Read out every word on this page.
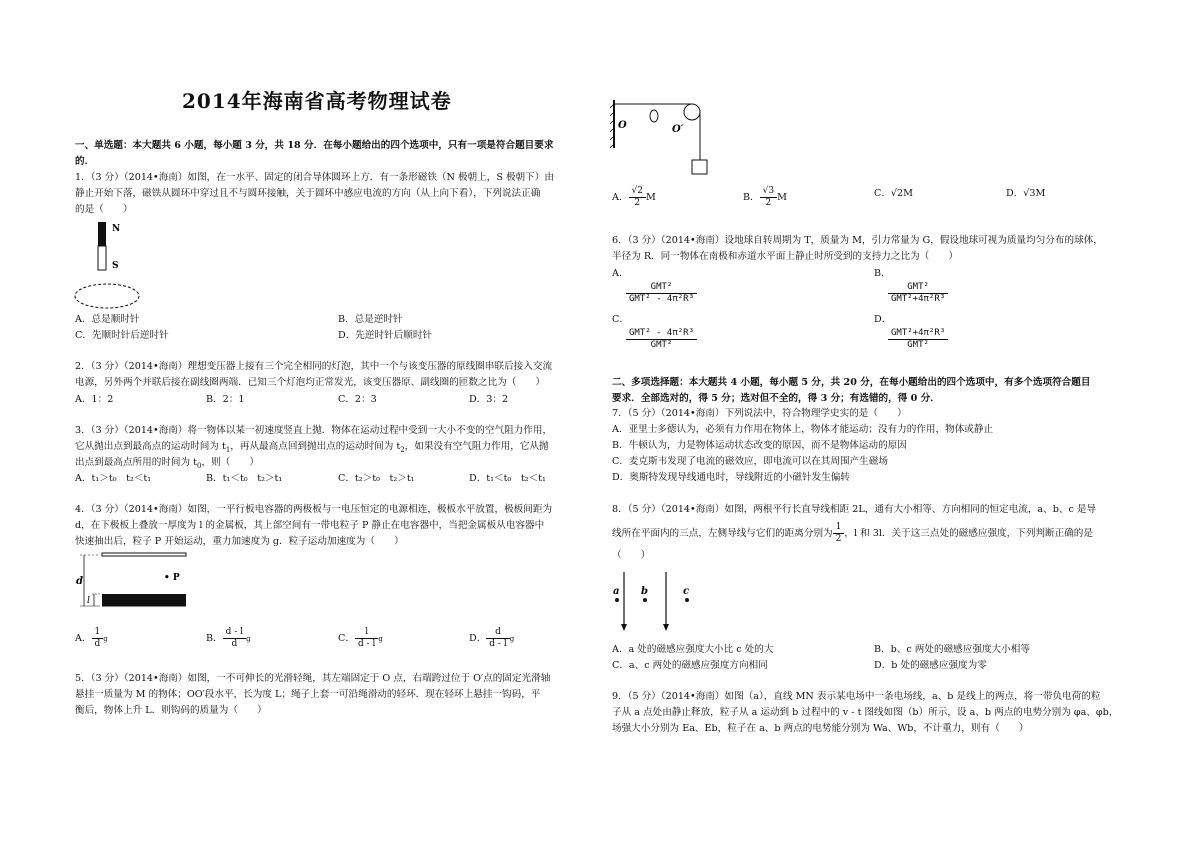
2014年海南省高考物理试卷
一、单选题：本大题共 6 小题，每小题 3 分，共 18 分．在每小题给出的四个选项中，只有一项是符合题目要求
的．
1．（3 分）（2014•海南）如图，在一水平、固定的闭合导体圆环上方．有一条形磁铁（N 极朝上，S 极朝下）由
静止开始下落，磁铁从圆环中穿过且不与圆环接触，关于圆环中感应电流的方向（从上向下看），下列说法正确
的是（　　）
N
S
A．总是顺时针	B．总是逆时针
C．先顺时针后逆时针	D．先逆时针后顺时针
2．（3 分）（2014•海南）理想变压器上接有三个完全相同的灯泡，其中一个与该变压器的原线圈串联后接入交流
电源，另外两个并联后接在副线圈两端．已知三个灯泡均正常发光，该变压器原、副线圈的匝数之比为（　　）
A．1：2	B．2：1	C．2：3	D．3：2
3．（3 分）（2014•海南）将一物体以某一初速度竖直上抛．物体在运动过程中受到一大小不变的空气阻力作用，
它从抛出点到最高点的运动时间为 $t_1$，再从最高点回到抛出点的运动时间为 $t_2$，如果没有空气阻力作用，它从抛
出点到最高点所用的时间为 $t_0$，则（　　）
A．t₁＞t₀　t₂＜t₁	B．t₁＜t₀　t₂＞t₁	C．t₂＞t₀　t₂＞t₁	D．t₁＜t₀　t₂＜t₁
4．（3 分）（2014•海南）如图，一平行板电容器的两极板与一电压恒定的电源相连，极板水平放置，极板间距为
d，在下极板上叠放一厚度为 l 的金属板，其上部空间有一带电粒子 P 静止在电容器中，当把金属板从电容器中
快速抽出后，粒子 P 开始运动，重力加速度为 g．粒子运动加速度为（　　）
• P
d
l
A． $\frac{1}{d}$ g	B． $\frac{d - l}{d}$ g	C． $\frac{l}{d - l}$ g	D． $\frac{d}{d - l}$ g
5．（3 分）（2014•海南）如图，一不可伸长的光滑轻绳，其左端固定于 O 点，右端跨过位于 O′点的固定光滑轴
悬挂一质量为 M 的物体；OO′段水平，长为度 L；绳子上套一可沿绳滑动的轻环．现在轻环上悬挂一钩码，平
衡后，物体上升 L．则钩码的质量为（　　）
O	O′
A． $\frac{√2}{2}$ M	B． $\frac{√3}{2}$ M	C．√2M	D．√3M
6．（3 分）（2014•海南）设地球自转周期为 T，质量为 M，引力常量为 G，假设地球可视为质量均匀分布的球体，
半径为 R．同一物体在南极和赤道水平面上静止时所受到的支持力之比为（　　）
A．

$\frac{\text{GMT²}}{\text{GMT² - 4π²R³}}$
B．

$\frac{\text{GMT²}}{\text{GMT²+4π²R³}}$
C．

$\frac{\text{GMT² - 4π²R³}}{\text{GMT²}}$
D．

$\frac{\text{GMT²+4π²R³}}{\text{GMT²}}$
二、多项选择题：本大题共 4 小题，每小题 5 分，共 20 分，在每小题给出的四个选项中，有多个选项符合题目
要求．全部选对的，得 5 分；选对但不全的，得 3 分；有选错的，得 0 分．
7．（5 分）（2014•海南）下列说法中，符合物理学史实的是（　　）
A．亚里士多德认为，必须有力作用在物体上，物体才能运动；没有力的作用，物体或静止
B．牛顿认为，力是物体运动状态改变的原因，而不是物体运动的原因
C．麦克斯韦发现了电流的磁效应，即电流可以在其周围产生磁场
D．奥斯特发现导线通电时，导线附近的小磁针发生偏转
8．（5 分）（2014•海南）如图，两根平行长直导线相距 2L，通有大小相等、方向相同的恒定电流，a、b、c 是导
线所在平面内的三点，左侧导线与它们的距离分别为 $\frac{1}{2}$ ，l 和 3l．关于这三点处的磁感应强度，下列判断正确的是
（　　）
a b	c
A．a 处的磁感应强度大小比 c 处的大	B．b、c 两处的磁感应强度大小相等
C．a、c 两处的磁感应强度方向相同	D．b 处的磁感应强度为零
9．（5 分）（2014•海南）如图（a），直线 MN 表示某电场中一条电场线，a、b 是线上的两点，将一带负电荷的粒
子从 a 点处由静止释放，粒子从 a 运动到 b 过程中的 v - t 图线如图（b）所示，设 a、b 两点的电势分别为 φa、φb，
场强大小分别为 Ea、Eb，粒子在 a、b 两点的电势能分别为 Wa、Wb，不计重力，则有（　　）
